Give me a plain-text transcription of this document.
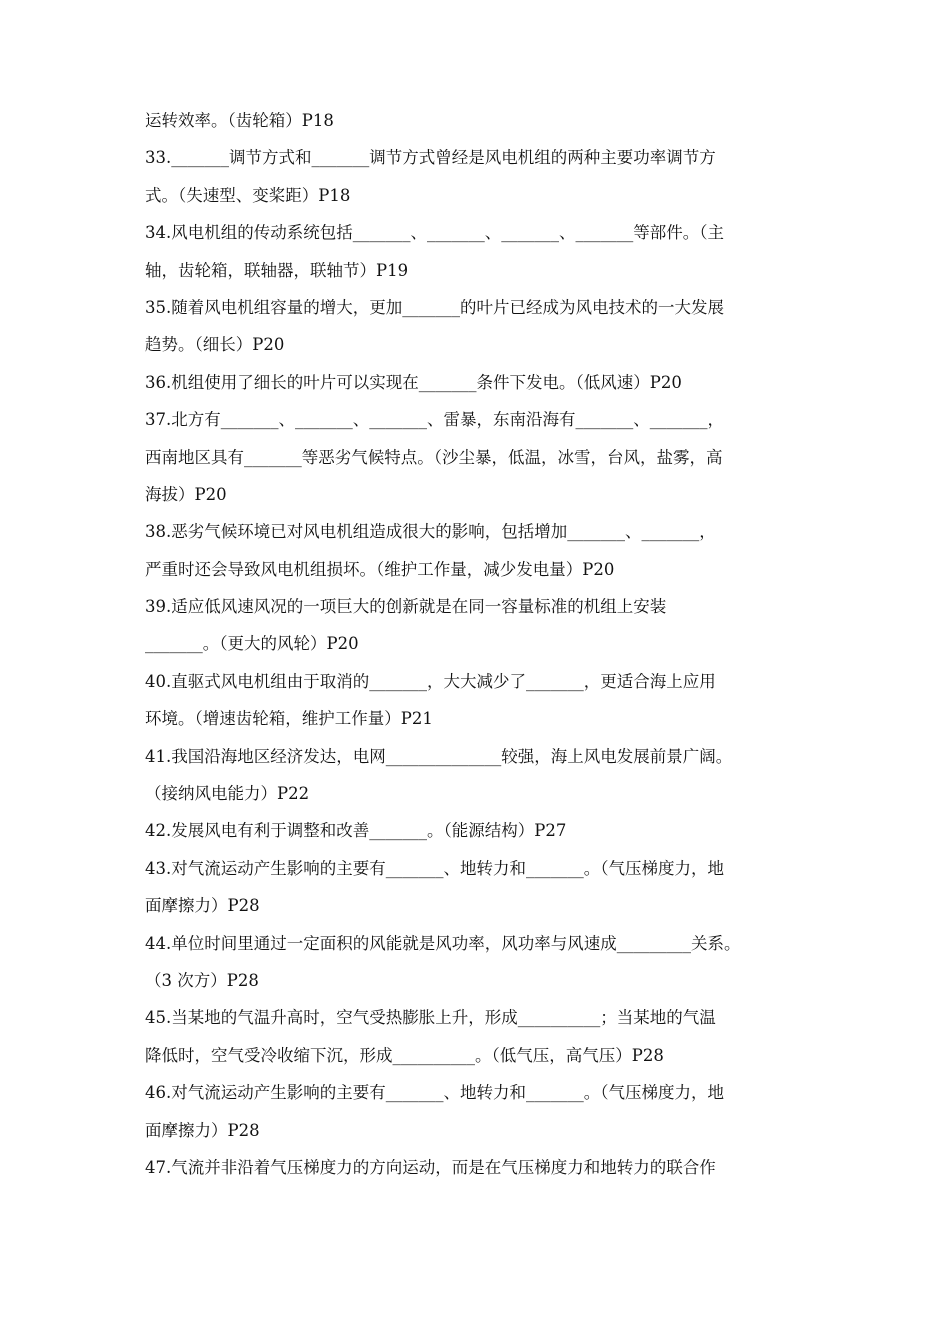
运转效率。（齿轮箱）P18
33._______调节方式和_______调节方式曾经是风电机组的两种主要功率调节方
式。（失速型、变桨距）P18
34.风电机组的传动系统包括_______、_______、_______、_______等部件。（主
轴，齿轮箱，联轴器，联轴节）P19
35.随着风电机组容量的增大，更加_______的叶片已经成为风电技术的一大发展
趋势。（细长）P20
36.机组使用了细长的叶片可以实现在_______条件下发电。（低风速）P20
37.北方有_______、_______、_______、雷暴，东南沿海有_______、_______，
西南地区具有_______等恶劣气候特点。（沙尘暴，低温，冰雪，台风，盐雾，高
海拔）P20
38.恶劣气候环境已对风电机组造成很大的影响，包括增加_______、_______，
严重时还会导致风电机组损坏。（维护工作量，减少发电量）P20
39.适应低风速风况的一项巨大的创新就是在同一容量标准的机组上安装
_______。（更大的风轮）P20
40.直驱式风电机组由于取消的_______，大大减少了_______，更适合海上应用
环境。（增速齿轮箱，维护工作量）P21
41.我国沿海地区经济发达，电网______________较强，海上风电发展前景广阔。
（接纳风电能力）P22
42.发展风电有利于调整和改善_______。（能源结构）P27
43.对气流运动产生影响的主要有_______、地转力和_______。（气压梯度力，地
面摩擦力）P28
44.单位时间里通过一定面积的风能就是风功率，风功率与风速成_________关系。
（3 次方）P28
45.当某地的气温升高时，空气受热膨胀上升，形成__________；当某地的气温
降低时，空气受冷收缩下沉，形成__________。（低气压，高气压）P28
46.对气流运动产生影响的主要有_______、地转力和_______。（气压梯度力，地
面摩擦力）P28
47.气流并非沿着气压梯度力的方向运动，而是在气压梯度力和地转力的联合作
